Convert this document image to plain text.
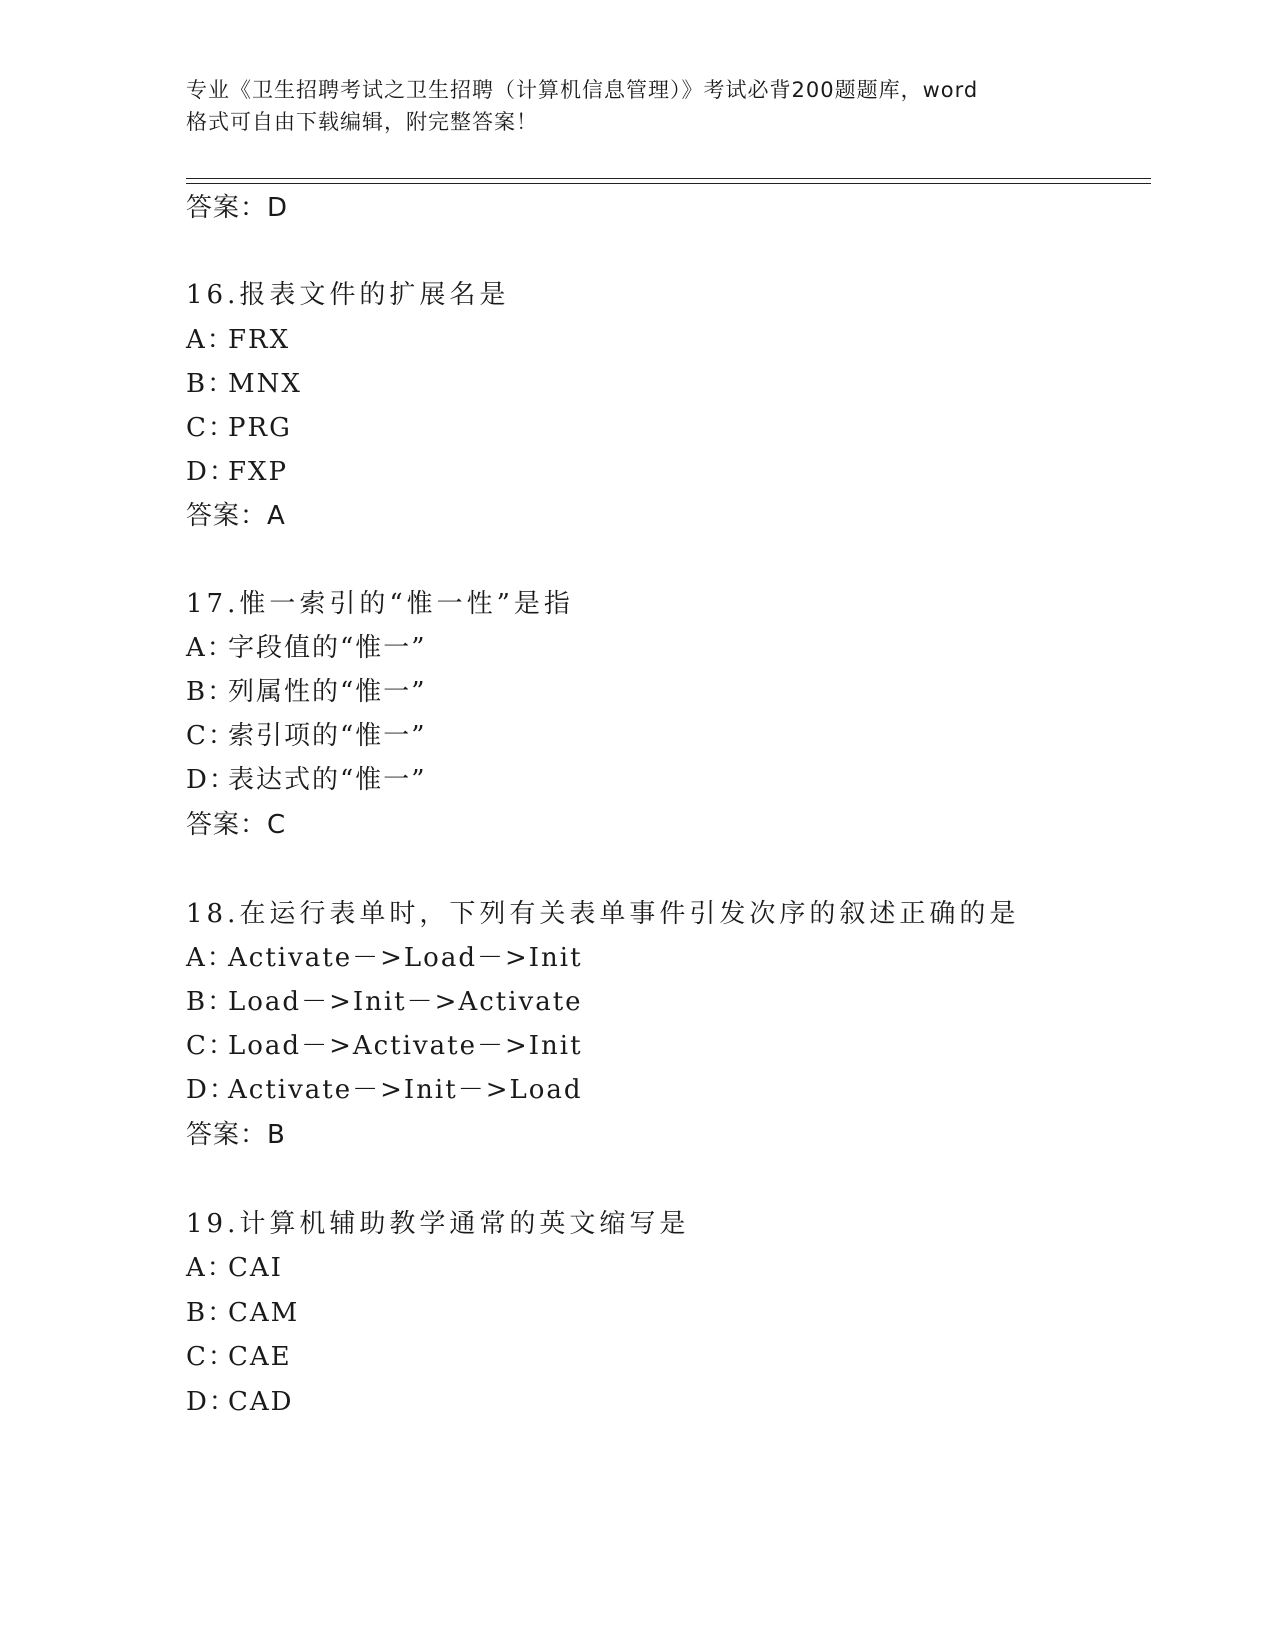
专业《卫生招聘考试之卫生招聘（计算机信息管理）》考试必背200题题库，word
格式可自由下载编辑，附完整答案！
答案：D
16.报表文件的扩展名是
A：FRX
B：MNX
C：PRG
D：FXP
答案：A
17.惟一索引的“惟一性”是指
A：字段值的“惟一”
B：列属性的“惟一”
C：索引项的“惟一”
D：表达式的“惟一”
答案：C
18.在运行表单时，下列有关表单事件引发次序的叙述正确的是
A：Activate－>Load－>Init
B：Load－>Init－>Activate
C：Load－>Activate－>Init
D：Activate－>Init－>Load
答案：B
19.计算机辅助教学通常的英文缩写是
A：CAI
B：CAM
C：CAE
D：CAD
